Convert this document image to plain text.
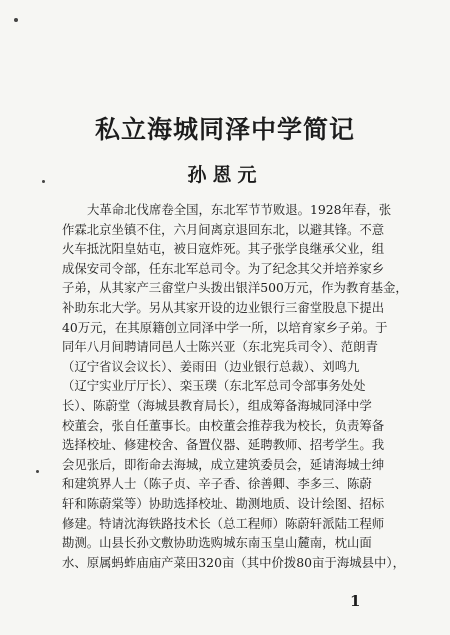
私立海城同泽中学简记
孙恩元
大革命北伐席卷全国，东北军节节败退。1928年春，张
作霖北京坐镇不住，六月间离京退回东北，以避其锋。不意
火车抵沈阳皇姑屯，被日寇炸死。其子张学良继承父业，组
成保安司令部，任东北军总司令。为了纪念其父并培养家乡
子弟，从其家产三畲堂户头拨出银洋500万元，作为教育基金，
补助东北大学。另从其家开设的边业银行三畲堂股息下提出
40万元，在其原籍创立同泽中学一所，以培育家乡子弟。于
同年八月间聘请同邑人士陈兴亚（东北宪兵司令）、范朗青
（辽宁省议会议长）、姜雨田（边业银行总裁）、刘鸣九
（辽宁实业厅厅长）、栾玉璞（东北军总司令部事务处处
长）、陈蔚堂（海城县教育局长），组成筹备海城同泽中学
校董会，张自任董事长。由校董会推荐我为校长，负责筹备
选择校址、修建校舍、备置仪器、延聘教师、招考学生。我
会见张后，即衔命去海城，成立建筑委员会，延请海城士绅
和建筑界人士（陈子贞、辛子香、徐善卿、李多三、陈蔚
轩和陈蔚棠等）协助选择校址、勘测地质、设计绘图、招标
修建。特请沈海铁路技术长（总工程师）陈蔚轩派陆工程师
勘测。山县长孙文敷协助选购城东南玉皇山麓南，枕山面
水、原属蚂蚱庙庙产菜田320亩（其中价拨80亩于海城县中），
1
